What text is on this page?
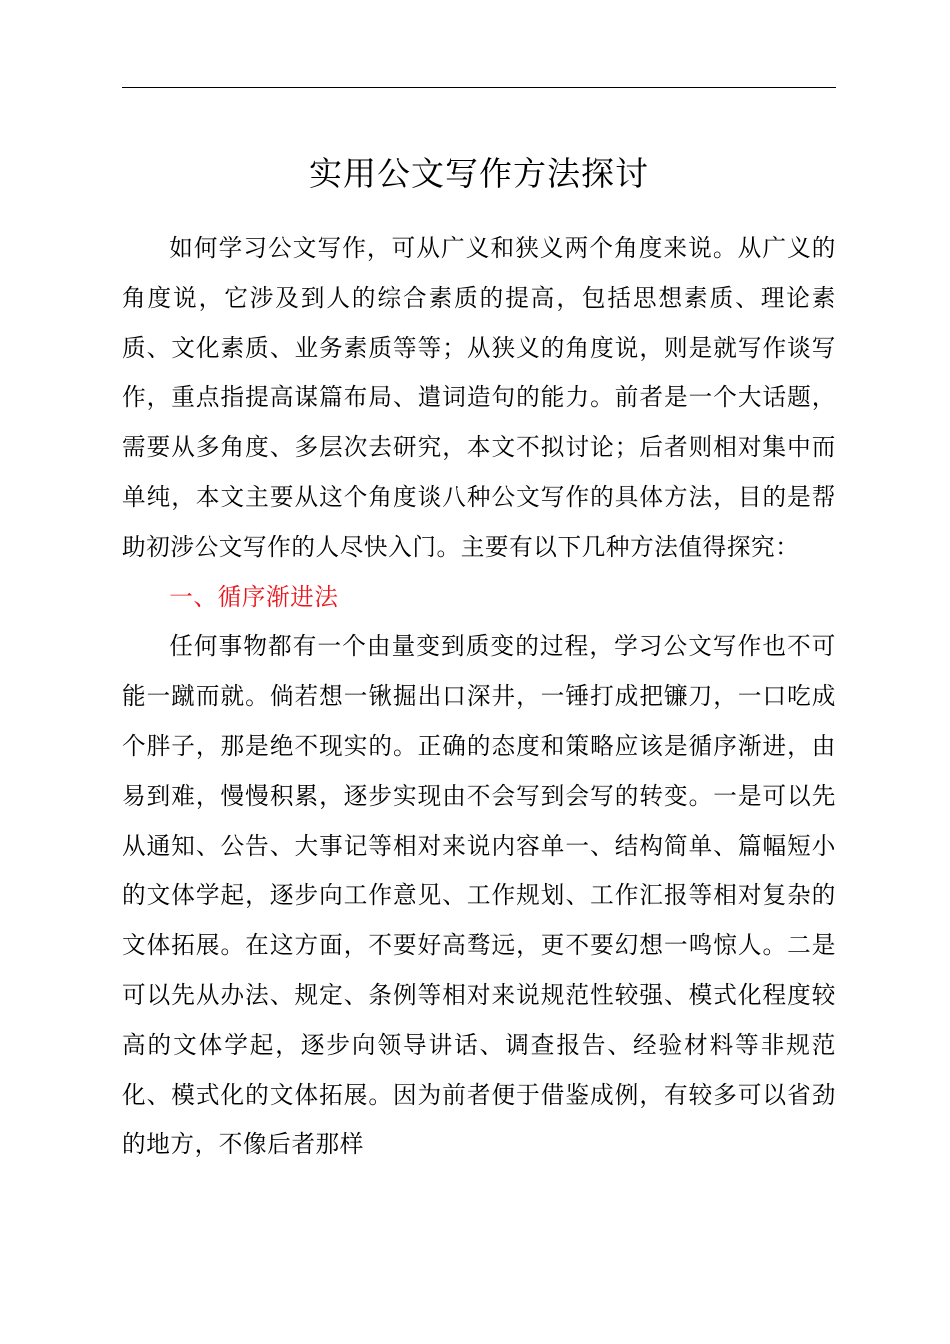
实用公文写作方法探讨

如何学习公文写作，可从广义和狭义两个角度来说。从广义的角度说，它涉及到人的综合素质的提高，包括思想素质、理论素质、文化素质、业务素质等等；从狭义的角度说，则是就写作谈写作，重点指提高谋篇布局、遣词造句的能力。前者是一个大话题，需要从多角度、多层次去研究，本文不拟讨论；后者则相对集中而单纯，本文主要从这个角度谈八种公文写作的具体方法，目的是帮助初涉公文写作的人尽快入门。主要有以下几种方法值得探究：

一、循序渐进法

任何事物都有一个由量变到质变的过程，学习公文写作也不可能一蹴而就。倘若想一锹掘出口深井，一锤打成把镰刀，一口吃成个胖子，那是绝不现实的。正确的态度和策略应该是循序渐进，由易到难，慢慢积累，逐步实现由不会写到会写的转变。一是可以先从通知、公告、大事记等相对来说内容单一、结构简单、篇幅短小的文体学起，逐步向工作意见、工作规划、工作汇报等相对复杂的文体拓展。在这方面，不要好高骛远，更不要幻想一鸣惊人。二是可以先从办法、规定、条例等相对来说规范性较强、模式化程度较高的文体学起，逐步向领导讲话、调查报告、经验材料等非规范化、模式化的文体拓展。因为前者便于借鉴成例，有较多可以省劲的地方，不像后者那样
